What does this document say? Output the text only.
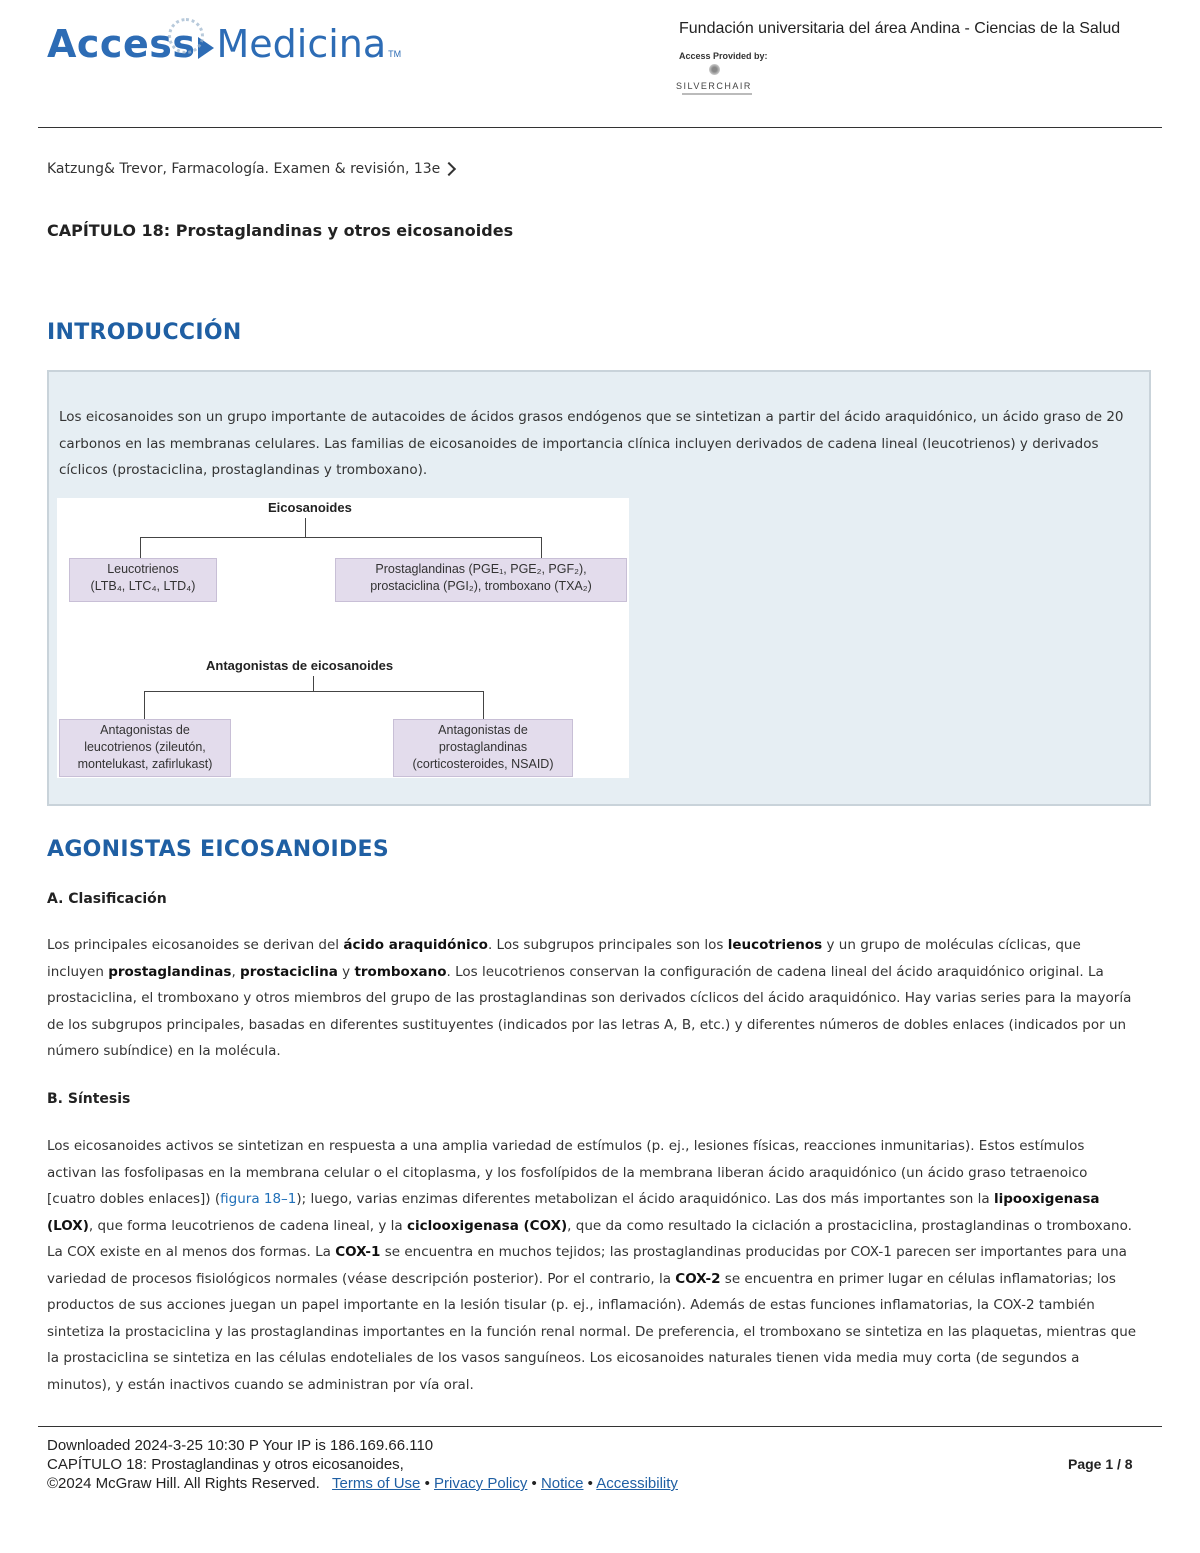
Access Medicina TM
Fundación universitaria del área Andina - Ciencias de la Salud
Access Provided by:
SILVERCHAIR
Katzung& Trevor, Farmacología. Examen & revisión, 13e
CAPÍTULO 18: Prostaglandinas y otros eicosanoides
INTRODUCCIÓN

Los eicosanoides son un grupo importante de autacoides de ácidos grasos endógenos que se sintetizan a partir del ácido araquidónico, un ácido graso de 20 carbonos en las membranas celulares. Las familias de eicosanoides de importancia clínica incluyen derivados de cadena lineal (leucotrienos) y derivados cíclicos (prostaciclina, prostaglandinas y tromboxano).

Eicosanoides
Leucotrienos
(LTB₄, LTC₄, LTD₄)
Prostaglandinas (PGE₁, PGE₂, PGF₂),
prostaciclina (PGI₂), tromboxano (TXA₂)
Antagonistas de eicosanoides
Antagonistas de
leucotrienos (zileutón,
montelukast, zafirlukast)
Antagonistas de
prostaglandinas
(corticosteroides, NSAID)
AGONISTAS EICOSANOIDES
A. Clasificación

Los principales eicosanoides se derivan del ácido araquidónico. Los subgrupos principales son los leucotrienos y un grupo de moléculas cíclicas, que incluyen prostaglandinas, prostaciclina y tromboxano. Los leucotrienos conservan la configuración de cadena lineal del ácido araquidónico original. La prostaciclina, el tromboxano y otros miembros del grupo de las prostaglandinas son derivados cíclicos del ácido araquidónico. Hay varias series para la mayoría de los subgrupos principales, basadas en diferentes sustituyentes (indicados por las letras A, B, etc.) y diferentes números de dobles enlaces (indicados por un número subíndice) en la molécula.

B. Síntesis

Los eicosanoides activos se sintetizan en respuesta a una amplia variedad de estímulos (p. ej., lesiones físicas, reacciones inmunitarias). Estos estímulos activan las fosfolipasas en la membrana celular o el citoplasma, y los fosfolípidos de la membrana liberan ácido araquidónico (un ácido graso tetraenoico [cuatro dobles enlaces]) (figura 18–1); luego, varias enzimas diferentes metabolizan el ácido araquidónico. Las dos más importantes son la lipooxigenasa (LOX), que forma leucotrienos de cadena lineal, y la ciclooxigenasa (COX), que da como resultado la ciclación a prostaciclina, prostaglandinas o tromboxano. La COX existe en al menos dos formas. La COX-1 se encuentra en muchos tejidos; las prostaglandinas producidas por COX-1 parecen ser importantes para una variedad de procesos fisiológicos normales (véase descripción posterior). Por el contrario, la COX-2 se encuentra en primer lugar en células inflamatorias; los productos de sus acciones juegan un papel importante en la lesión tisular (p. ej., inflamación). Además de estas funciones inflamatorias, la COX-2 también sintetiza la prostaciclina y las prostaglandinas importantes en la función renal normal. De preferencia, el tromboxano se sintetiza en las plaquetas, mientras que la prostaciclina se sintetiza en las células endoteliales de los vasos sanguíneos. Los eicosanoides naturales tienen vida media muy corta (de segundos a minutos), y están inactivos cuando se administran por vía oral.

Downloaded 2024-3-25 10:30 P Your IP is 186.169.66.110
CAPÍTULO 18: Prostaglandinas y otros eicosanoides,
©2024 McGraw Hill. All Rights Reserved. Terms of Use • Privacy Policy • Notice • Accessibility
Page 1 / 8
